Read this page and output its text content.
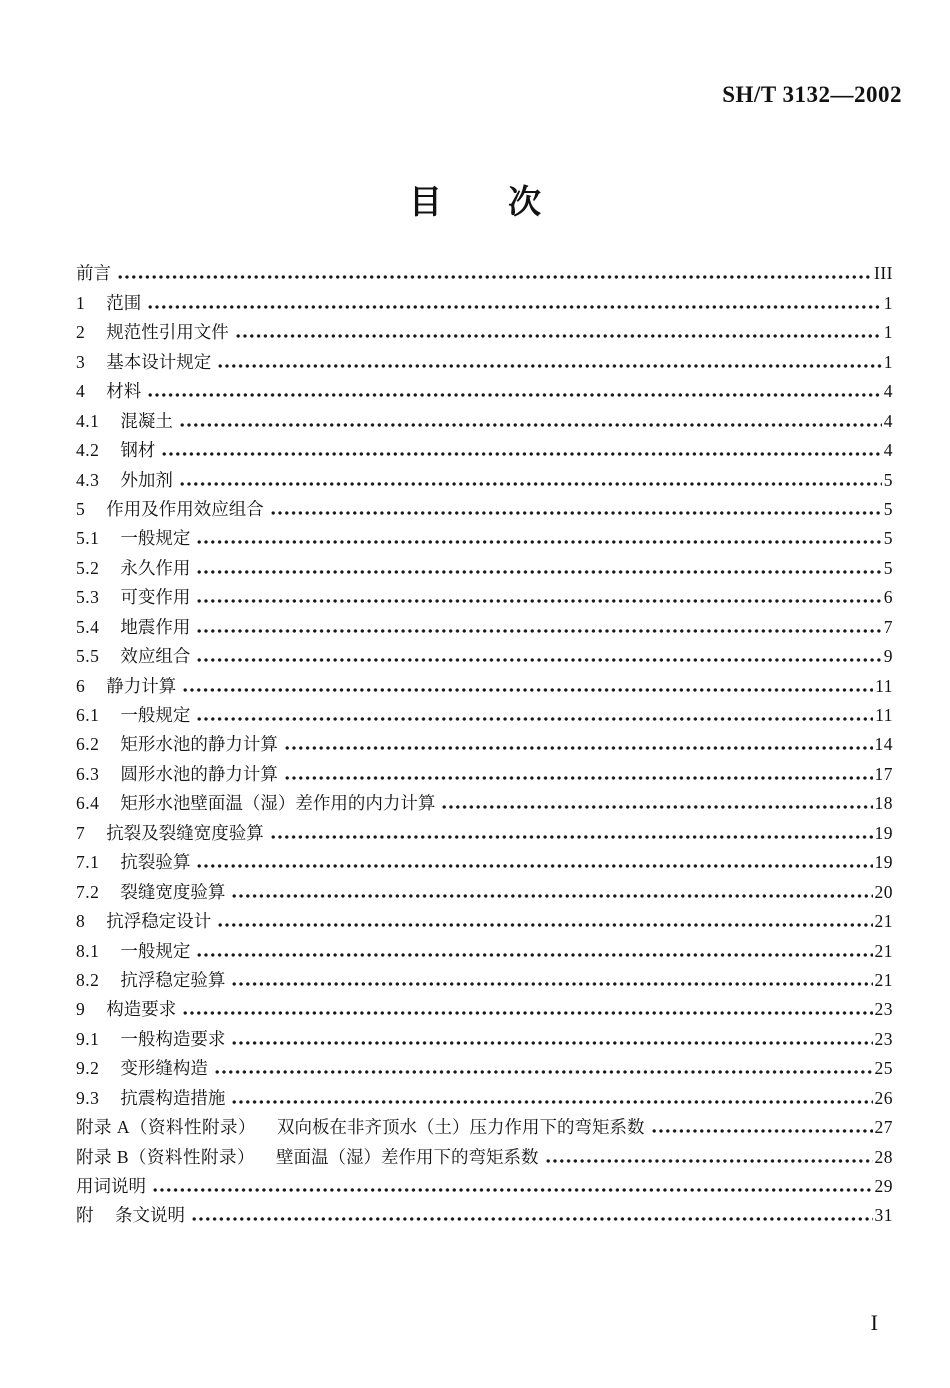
SH/T 3132—2002
目　　次
前言	III
1 范围	1
2 规范性引用文件	1
3 基本设计规定	1
4 材料	4
4.1 混凝土	4
4.2 钢材	4
4.3 外加剂	5
5 作用及作用效应组合	5
5.1 一般规定	5
5.2 永久作用	5
5.3 可变作用	6
5.4 地震作用	7
5.5 效应组合	9
6 静力计算	11
6.1 一般规定	11
6.2 矩形水池的静力计算	14
6.3 圆形水池的静力计算	17
6.4 矩形水池壁面温（湿）差作用的内力计算	18
7 抗裂及裂缝宽度验算	19
7.1 抗裂验算	19
7.2 裂缝宽度验算	20
8 抗浮稳定设计	21
8.1 一般规定	21
8.2 抗浮稳定验算	21
9 构造要求	23
9.1 一般构造要求	23
9.2 变形缝构造	25
9.3 抗震构造措施	26
附录 A（资料性附录） 双向板在非齐顶水（土）压力作用下的弯矩系数	27
附录 B（资料性附录） 壁面温（湿）差作用下的弯矩系数	28
用词说明	29
附 条文说明	31
I
